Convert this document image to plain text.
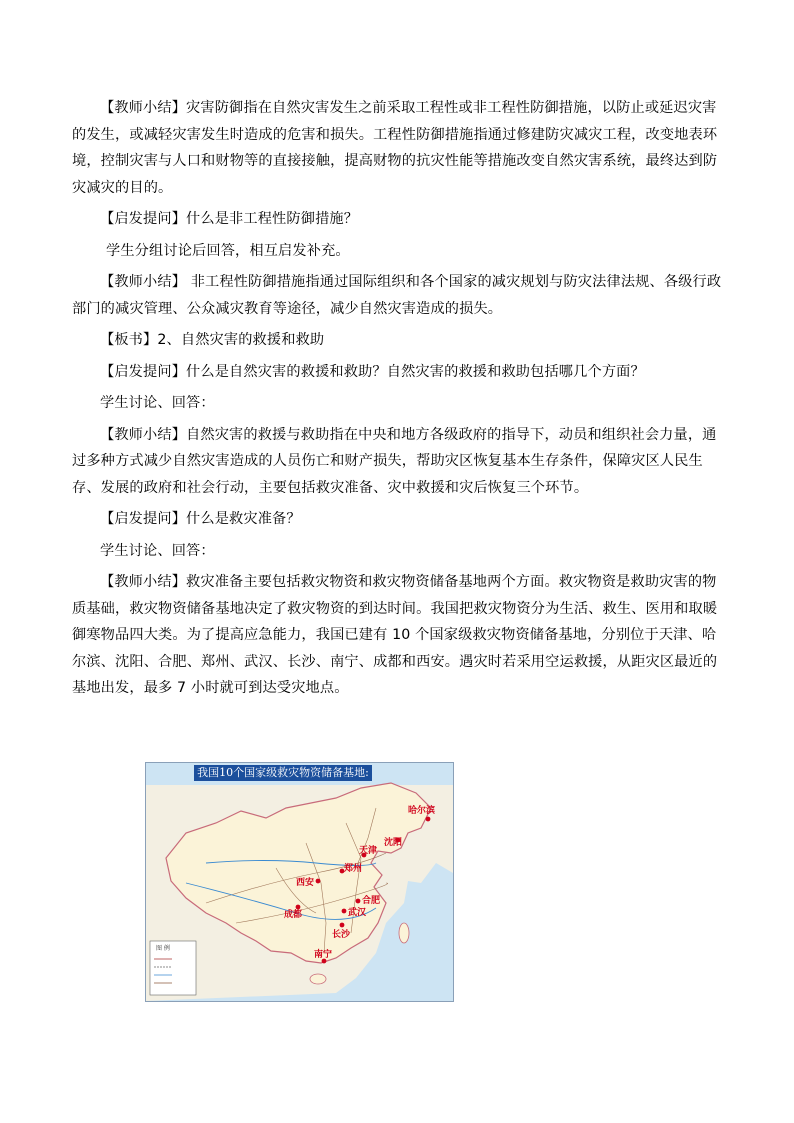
【教师小结】灾害防御指在自然灾害发生之前采取工程性或非工程性防御措施，以防止或延迟灾害的发生，或减轻灾害发生时造成的危害和损失。工程性防御措施指通过修建防灾减灾工程，改变地表环境，控制灾害与人口和财物等的直接接触，提高财物的抗灾性能等措施改变自然灾害系统，最终达到防灾减灾的目的。

【启发提问】什么是非工程性防御措施？

学生分组讨论后回答，相互启发补充。

【教师小结】 非工程性防御措施指通过国际组织和各个国家的减灾规划与防灾法律法规、各级行政部门的减灾管理、公众减灾教育等途径，减少自然灾害造成的损失。

【板书】2、自然灾害的救援和救助

【启发提问】什么是自然灾害的救援和救助？自然灾害的救援和救助包括哪几个方面？

学生讨论、回答：

【教师小结】自然灾害的救援与救助指在中央和地方各级政府的指导下，动员和组织社会力量，通过多种方式减少自然灾害造成的人员伤亡和财产损失，帮助灾区恢复基本生存条件，保障灾区人民生存、发展的政府和社会行动，主要包括救灾准备、灾中救援和灾后恢复三个环节。

【启发提问】什么是救灾准备？

学生讨论、回答：

【教师小结】救灾准备主要包括救灾物资和救灾物资储备基地两个方面。救灾物资是救助灾害的物质基础，救灾物资储备基地决定了救灾物资的到达时间。我国把救灾物资分为生活、救生、医用和取暖御寒物品四大类。为了提高应急能力，我国已建有 10 个国家级救灾物资储备基地，分别位于天津、哈尔滨、沈阳、合肥、郑州、武汉、长沙、南宁、成都和西安。遇灾时若采用空运救援，从距灾区最近的基地出发，最多 7 小时就可到达受灾地点。

我国10个国家级救灾物资储备基地:
哈尔滨
沈阳
天津
郑州
西安
合肥
成都	武汉
长沙
南宁
图 例
